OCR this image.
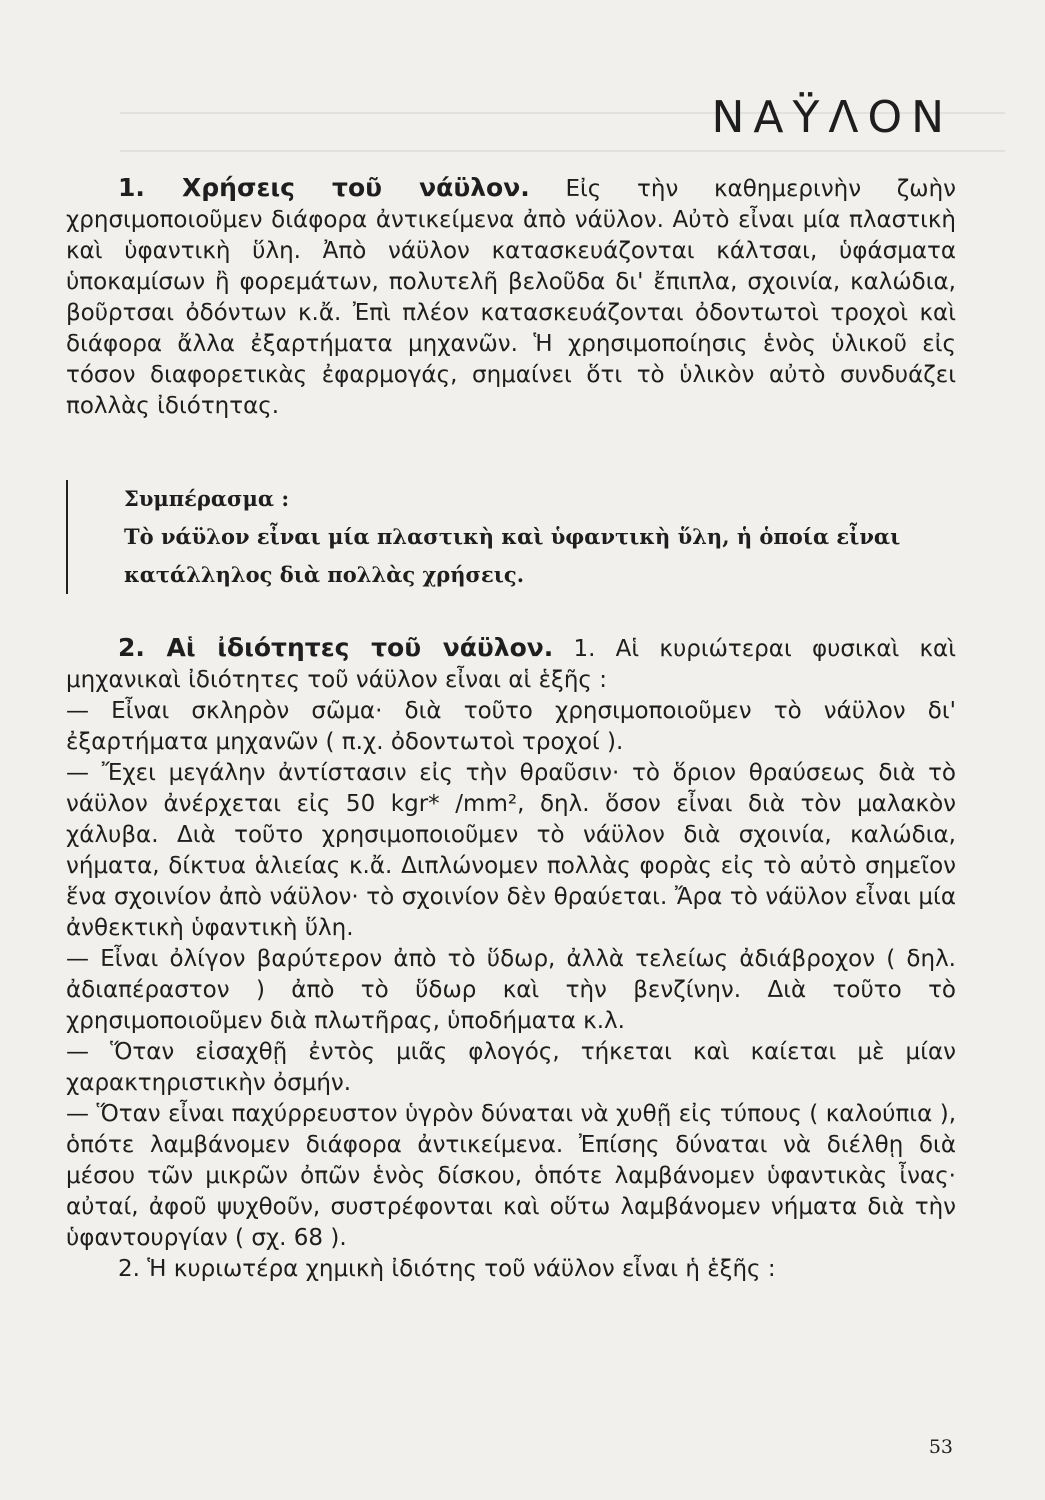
ΝΑΫΛΟΝ

1. Χρήσεις τοῦ νάϋλον. Εἰς τὴν καθημερινὴν ζωὴν χρησιμοποιοῦμεν διάφορα ἀντικείμενα ἀπὸ νάϋλον. Αὐτὸ εἶναι μία πλαστικὴ καὶ ὑφαντικὴ ὕλη. Ἀπὸ νάϋλον κατασκευάζονται κάλτσαι, ὑφάσματα ὑποκαμίσων ἢ φορεμάτων, πολυτελῆ βελοῦδα δι' ἔπιπλα, σχοινία, καλώδια, βοῦρτσαι ὀδόντων κ.ἄ. Ἐπὶ πλέον κατασκευάζονται ὀδοντωτοὶ τροχοὶ καὶ διάφορα ἄλλα ἐξαρτήματα μηχανῶν. Ἡ χρησιμοποίησις ἑνὸς ὑλικοῦ εἰς τόσον διαφορετικὰς ἐφαρμογάς, σημαίνει ὅτι τὸ ὑλικὸν αὐτὸ συνδυάζει πολλὰς ἰδιότητας.

Συμπέρασμα :
Τὸ νάϋλον εἶναι μία πλαστικὴ καὶ ὑφαντικὴ ὕλη, ἡ ὁποία εἶναι κατάλληλος διὰ πολλὰς χρήσεις.

2. Αἱ ἰδιότητες τοῦ νάϋλον. 1. Αἱ κυριώτεραι φυσικαὶ καὶ μηχανικαὶ ἰδιότητες τοῦ νάϋλον εἶναι αἱ ἑξῆς :

— Εἶναι σκληρὸν σῶμα· διὰ τοῦτο χρησιμοποιοῦμεν τὸ νάϋλον δι' ἐξαρτήματα μηχανῶν ( π.χ. ὀδοντωτοὶ τροχοί ).

— Ἔχει μεγάλην ἀντίστασιν εἰς τὴν θραῦσιν· τὸ ὅριον θραύσεως διὰ τὸ νάϋλον ἀνέρχεται εἰς 50 kgr* /mm², δηλ. ὅσον εἶναι διὰ τὸν μαλακὸν χάλυβα. Διὰ τοῦτο χρησιμοποιοῦμεν τὸ νάϋλον διὰ σχοινία, καλώδια, νήματα, δίκτυα ἁλιείας κ.ἄ. Διπλώνομεν πολλὰς φορὰς εἰς τὸ αὐτὸ σημεῖον ἕνα σχοινίον ἀπὸ νάϋλον· τὸ σχοινίον δὲν θραύεται. Ἄρα τὸ νάϋλον εἶναι μία ἀνθεκτικὴ ὑφαντικὴ ὕλη.

— Εἶναι ὀλίγον βαρύτερον ἀπὸ τὸ ὕδωρ, ἀλλὰ τελείως ἀδιάβροχον ( δηλ. ἀδιαπέραστον ) ἀπὸ τὸ ὕδωρ καὶ τὴν βενζίνην. Διὰ τοῦτο τὸ χρησιμοποιοῦμεν διὰ πλωτῆρας, ὑποδήματα κ.λ.

— Ὅταν εἰσαχθῇ ἐντὸς μιᾶς φλογός, τήκεται καὶ καίεται μὲ μίαν χαρακτηριστικὴν ὀσμήν.

— Ὅταν εἶναι παχύρρευστον ὑγρὸν δύναται νὰ χυθῇ εἰς τύπους ( καλούπια ), ὁπότε λαμβάνομεν διάφορα ἀντικείμενα. Ἐπίσης δύναται νὰ διέλθῃ διὰ μέσου τῶν μικρῶν ὀπῶν ἑνὸς δίσκου, ὁπότε λαμβάνομεν ὑφαντικὰς ἶνας· αὐταί, ἀφοῦ ψυχθοῦν, συστρέφονται καὶ οὕτω λαμβάνομεν νήματα διὰ τὴν ὑφαντουργίαν ( σχ. 68 ).

2. Ἡ κυριωτέρα χημικὴ ἰδιότης τοῦ νάϋλον εἶναι ἡ ἑξῆς :

53
